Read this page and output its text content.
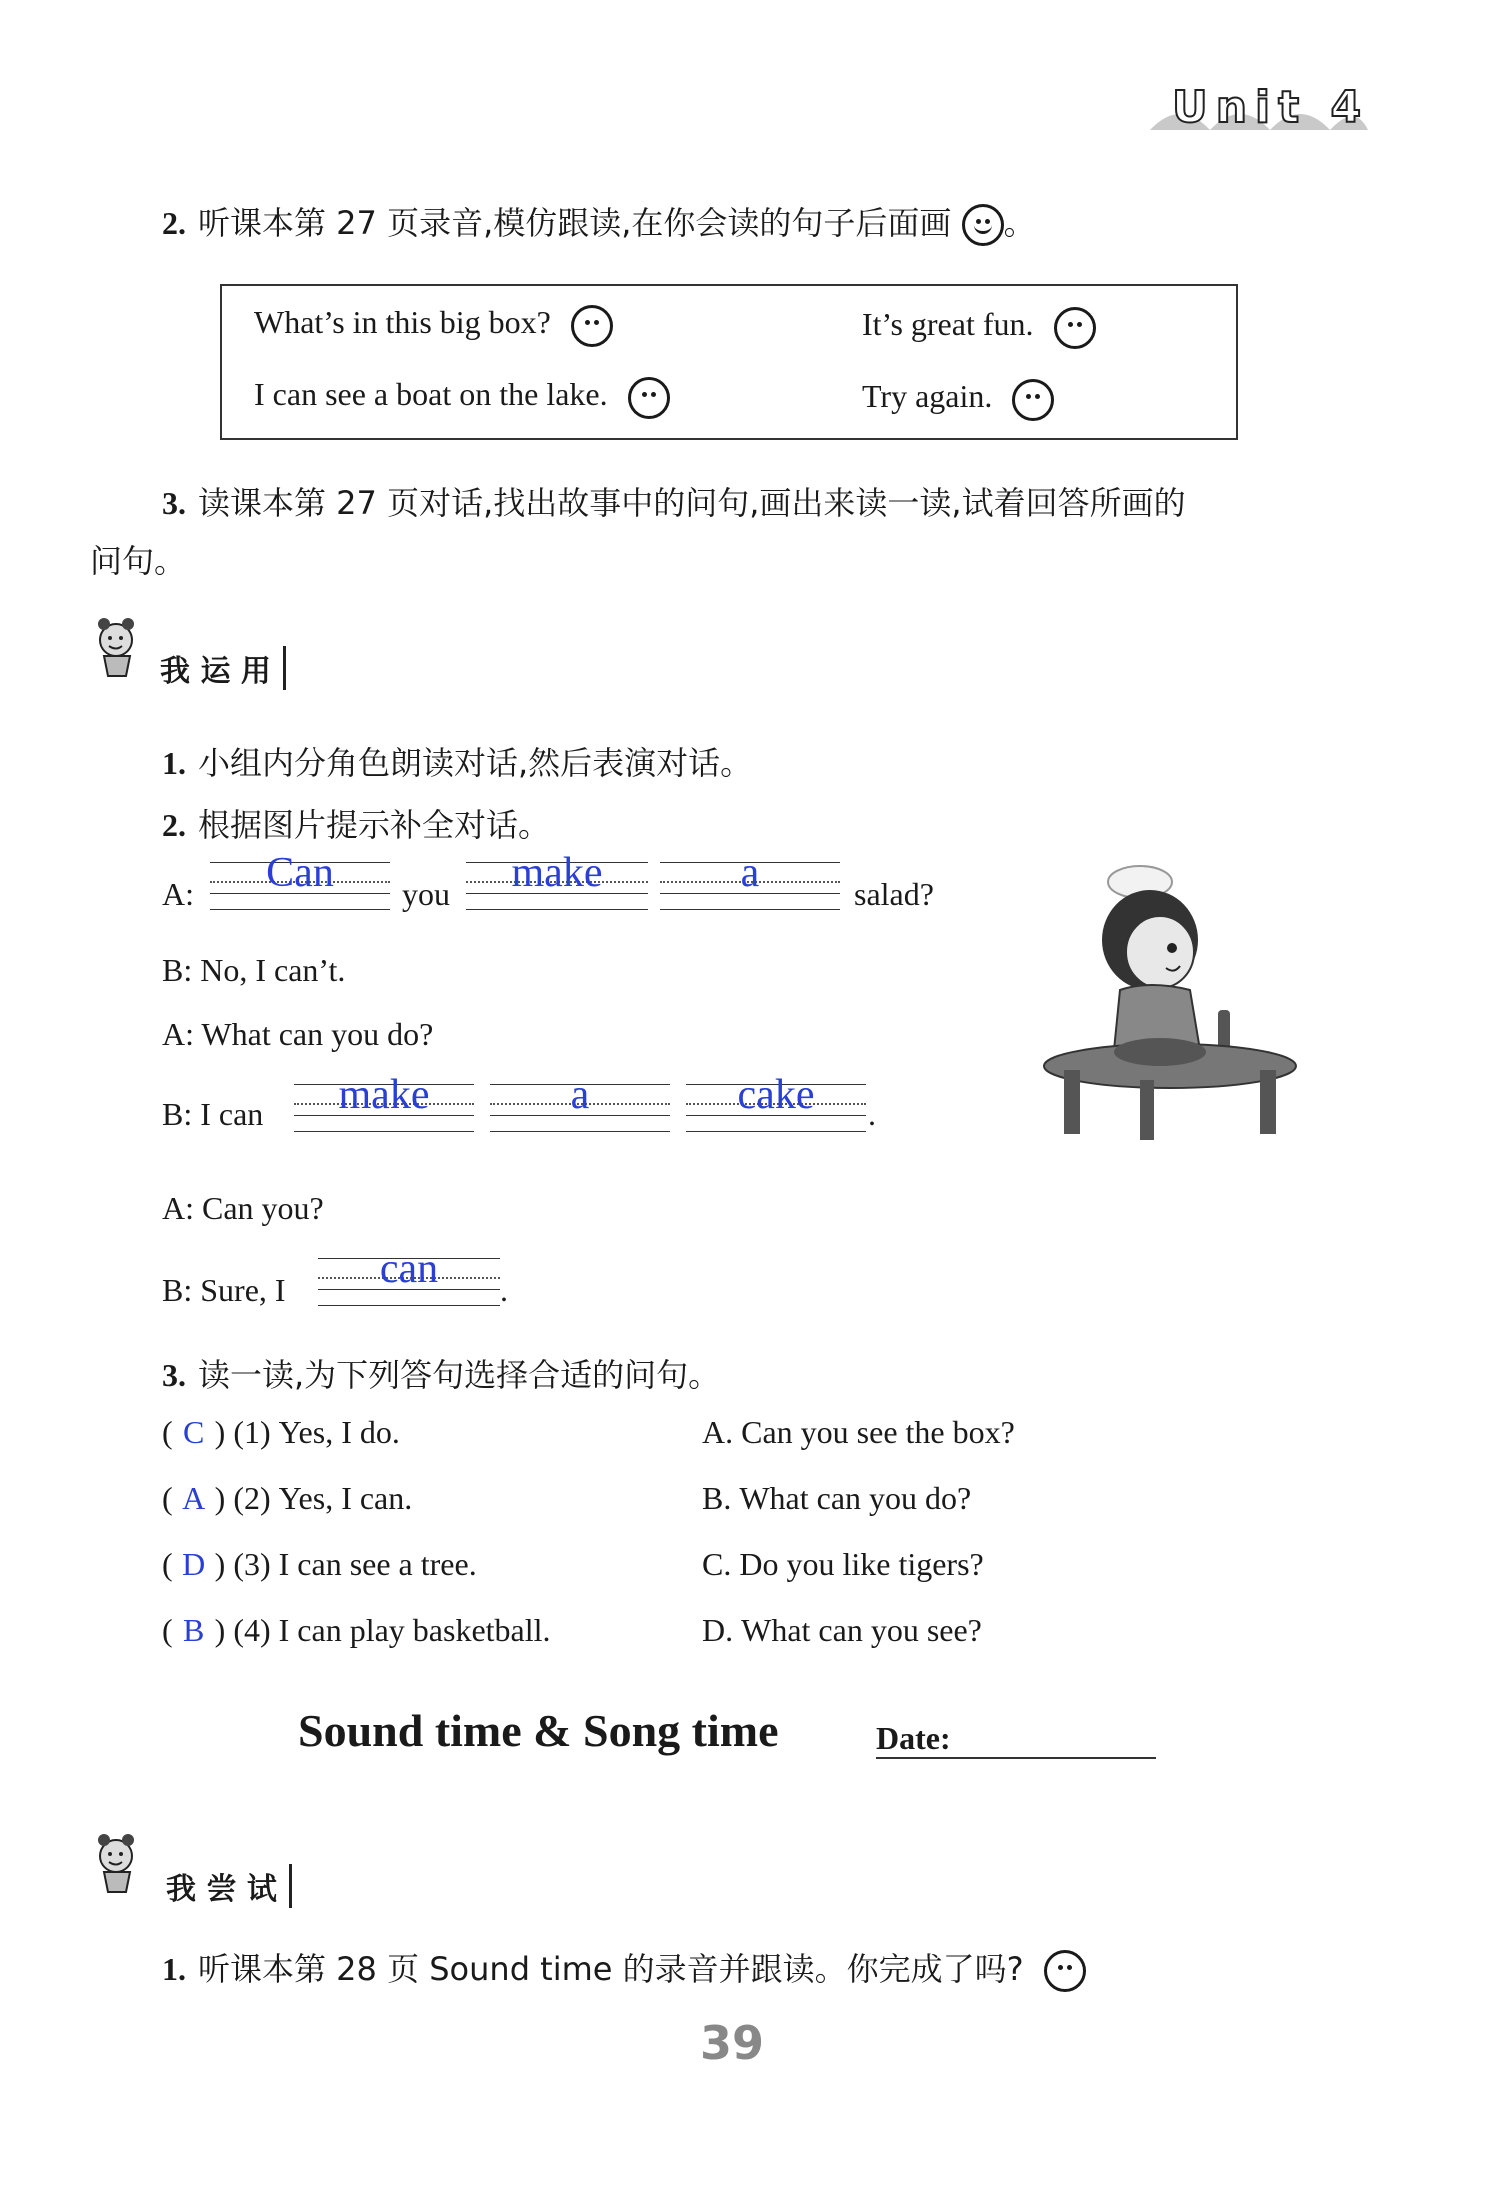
Unit 4
2. 听课本第 27 页录音,模仿跟读,在你会读的句子后面画 。
What’s in this big box?	It’s great fun.
I can see a boat on the lake.	Try again.
3. 读课本第 27 页对话,找出故事中的问句,画出来读一读,试着回答所画的
问句。
我 运 用
1. 小组内分角色朗读对话,然后表演对话。
2. 根据图片提示补全对话。
A:	Can	you	make	a	salad?
B: No, I can’t.
A: What can you do?
B: I can	make	a	cake	.
A: Can you?
B: Sure, I	can	.
3. 读一读,为下列答句选择合适的问句。
( C ) (1) Yes, I do.	A. Can you see the box?
( A ) (2) Yes, I can.	B. What can you do?
( D ) (3) I can see a tree.	C. Do you like tigers?
( B ) (4) I can play basketball.	D. What can you see?
Sound time & Song time	Date:
我 尝 试
1. 听课本第 28 页 Sound time 的录音并跟读。你完成了吗?
39
